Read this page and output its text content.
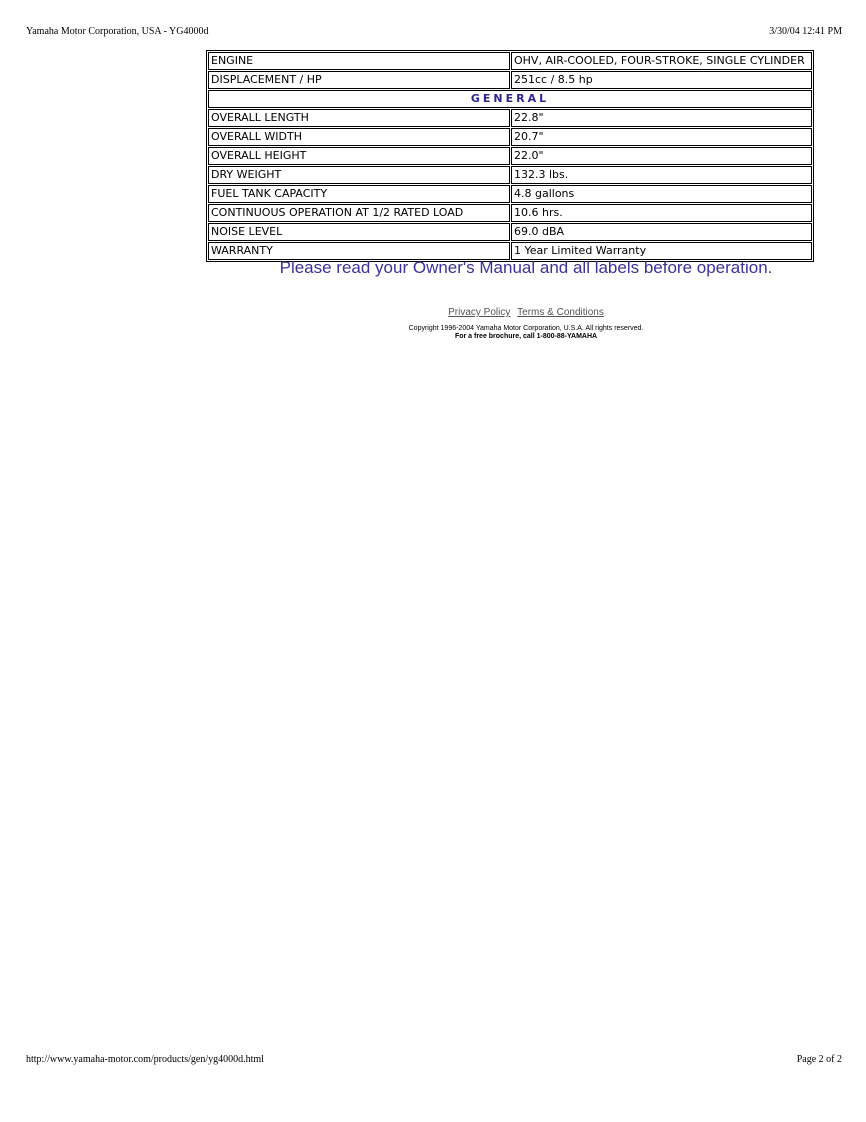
Yamaha Motor Corporation, USA - YG4000d	3/30/04 12:41 PM
ENGINE	OHV, AIR-COOLED, FOUR-STROKE, SINGLE CYLINDER
DISPLACEMENT / HP	251cc / 8.5 hp
GENERAL	
OVERALL LENGTH	22.8"
OVERALL WIDTH	20.7"
OVERALL HEIGHT	22.0"
DRY WEIGHT	132.3 lbs.
FUEL TANK CAPACITY	4.8 gallons
CONTINUOUS OPERATION AT 1/2 RATED LOAD	10.6 hrs.
NOISE LEVEL	69.0 dBA
WARRANTY	1 Year Limited Warranty
Please read your Owner's Manual and all labels before operation.
Privacy Policy Terms & Conditions
Copyright 1996-2004 Yamaha Motor Corporation, U.S.A. All rights reserved.
For a free brochure, call 1-800-88-YAMAHA
http://www.yamaha-motor.com/products/gen/yg4000d.html	Page 2 of 2
